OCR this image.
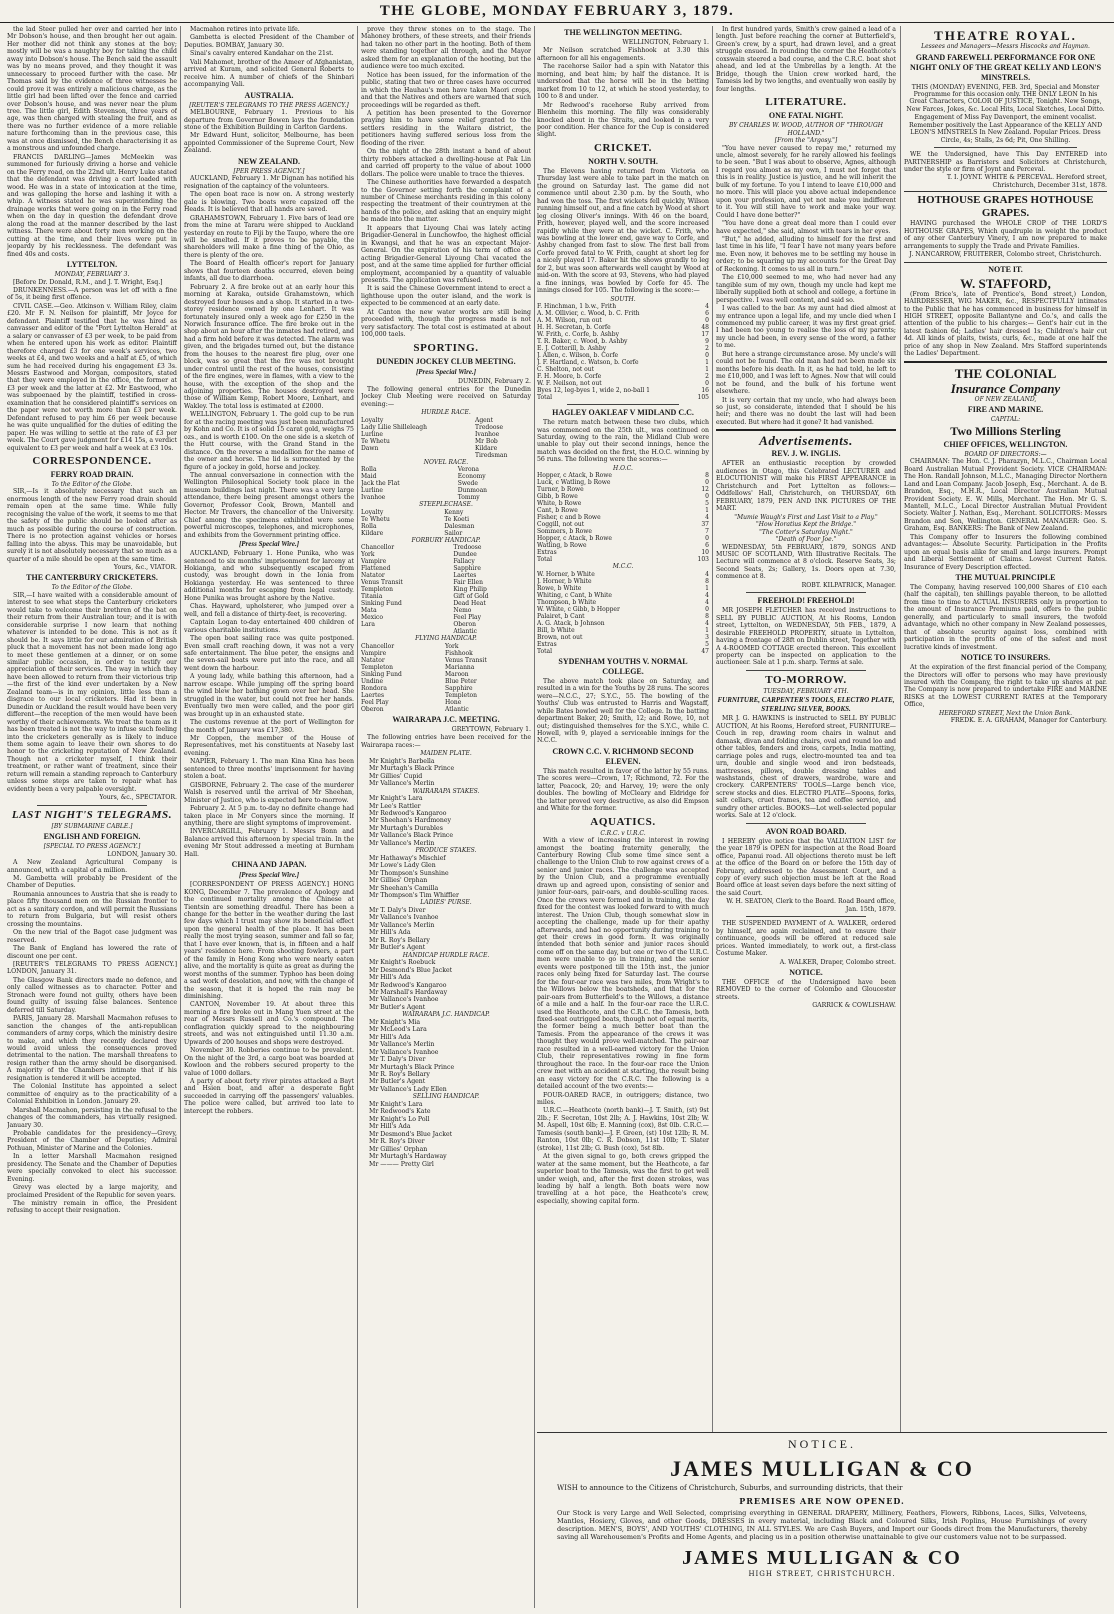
THE GLOBE, MONDAY FEBRUARY 3, 1879.

the lad Steer pulled her over and carried her into Mr Dobson's house, and then brought her out again. Her mother did not think any stones at the boy; mostly will be was a naughty boy for taking the child away into Dobson's house. The Bench said the assault was by no means proved, and they thought it was unnecessary to proceed further with the case. Mr Thomas said by the evidence of three witnesses he could prove it was entirely a malicious charge, as the little girl had been lifted over the fence and carried over Dobson's house, and was never near the plum tree. The little girl, Edith Stevenson, three years of age, was then charged with stealing the fruit, and as there was no further evidence of a more reliable nature forthcoming than in the previous case, this was at once dismissed, the Bench characterising it as a monstrous and unfounded charge.

FRANCIS DARLING—James McMeekin was summoned for furiously driving a horse and vehicle on the Ferry road, on the 22nd ult. Henry Luke stated that the defendant was driving a cart loaded with wood. He was in a state of intoxication at the time, and was galloping the horse and lashing it with a whip. A witness stated he was superintending the drainage works that were going on in the Ferry road when on the day in question the defendant drove along the road at the manner described by the last witness. There were about forty men working on the cutting at the time, and their lives were put in jeopardy by his recklessness. The defendant was fined 40s and costs.

LYTTELTON.
MONDAY, FEBRUARY 3.

[Before Dr. Donald, R.M., and J. T. Wright, Esq.]

DRUNKENNESS.—A person was let off with a fine of 5s, it being first offence.

CIVIL CASE.—Geo. Atkinson v. William Riley, claim £20. Mr F. N. Neilson for plaintiff, Mr Joyce for defendant. Plaintiff testified that he was hired as canvasser and editor of the "Port Lyttelton Herald" at a salary or canvasser of £3 per week, to be paid from when he entered upon his work as editor. Plaintiff therefore charged £3 for one week's services, two weeks at £4, and two weeks and a half at £5, of which sum he had received during his engagement £3 3s. Messrs Eastwood and Morgan, compositors, stated that they were employed in the office, the former at £3 per week and the latter at £2. Mr Eastwood, who was subpoenaed by the plaintiff, testified in cross-examination that he considered plaintiff's services on the paper were not worth more than £3 per week. Defendant refused to pay him £6 per week because he was quite unqualified for the duties of editing the paper. He was willing to settle at the rate of £3 per week. The Court gave judgment for £14 15s, a verdict equivalent to £3 per week and half a week at £3 10s.

CORRESPONDENCE.
FERRY ROAD DRAIN.
To the Editor of the Globe.

SIR,—Is it absolutely necessary that such an enormous length of the new Ferry road drain should remain open at the same time. While fully recognising the value of the work, it seems to me that the safety of the public should be looked after as much as possible during the course of construction. There is no protection against vehicles or horses falling into the abyss. This may be unavoidable, but surely it is not absolutely necessary that so much as a quarter of a mile should be open at the same time.

Yours, &c., VIATOR.

THE CANTERBURY CRICKETERS.
To the Editor of the Globe.

SIR,—I have waited with a considerable amount of interest to see what steps the Canterbury cricketers would take to welcome their brethren of the bat on their return from their Australian tour; and it is with considerable surprise I now learn that nothing whatever is intended to be done. This is not as it should be. It says little for our admiration of British pluck that a movement has not been made long ago to meet these gentlemen at a dinner, or on some similar public occasion, in order to testify our appreciation of their services. The way in which they have been allowed to return from their victorious trip—the first of the kind ever undertaken by a New Zealand team—is in my opinion, little less than a disgrace to our local cricketers. Had it been in Dunedin or Auckland the result would have been very different—the reception of the men would have been worthy of their achievements. We treat the team as it has been treated is not the way to infuse such feeling into the cricketers generally as is likely to induce them some again to leave their own shores to do honor to the cricketing reputation of New Zealand. Though not a cricketer myself, I think their treatment, or rather want of treatment, since their return will remain a standing reproach to Canterbury unless some steps are taken to repair what has evidently been a very palpable oversight.

Yours, &c., SPECTATOR.

LAST NIGHT'S TELEGRAMS.
[BY SUBMARINE CABLE.]
ENGLISH AND FOREIGN.
[SPECIAL TO PRESS AGENCY.]

LONDON, January 30.

A New Zealand Agricultural Company is announced, with a capital of a million.

M. Gambetta will probably be President of the Chamber of Deputies.

Roumania announces to Austria that she is ready to place fifty thousand men on the Russian frontier to act as a sanitary cordon, and will permit the Russians to return from Bulgaria, but will resist others crossing the mountains.

On the new trial of the Bagot case judgment was reserved.

The Bank of England has lowered the rate of discount one per cent.

[REUTER'S TELEGRAMS TO PRESS AGENCY.] LONDON, January 31.

The Glasgow Bank directors made no defence, and only called witnesses as to character. Potter and Stronach were found not guilty, others have been found guilty of issuing false balances. Sentence deferred till Saturday.

PARIS, January 28. Marshall Macmahon refuses to sanction the changes of the anti-republican commanders of army corps, which the ministry desire to make, and which they recently declared they would avoid unless the consequences proved detrimental to the nation. The marshall threatens to resign rather than the army should be disorganised. A majority of the Chambers intimate that if his resignation is tendered it will be accepted.

The Colonial Institute has appointed a select committee of enquiry as to the practicability of a Colonial Exhibition in London. January 29.

Marshall Macmahon, persisting in the refusal to the changes of the commanders, has virtually resigned. January 30.

Probable candidates for the presidency—Grevy, President of the Chamber of Deputies; Admiral Pothuan, Minister of Marine and the Colonies.

In a letter Marshall Macmahon resigned presidency. The Senate and the Chamber of Deputies were specially convoked to elect his successor. Evening.

Grevy was elected by a large majority, and proclaimed President of the Republic for seven years.

The ministry remain in office, the President refusing to accept their resignation.

Macmahon retires into private life.

Gambetta is elected President of the Chamber of Deputies. BOMBAY, January 30.

Sinai's cavalry entered Kandahar on the 21st.

Vali Mahomet, brother of the Ameer of Afghanistan, arrived at Kuram, and solicited General Roberts to receive him. A number of chiefs of the Shinbari accompanying Vali.

AUSTRALIA.
[REUTER'S TELEGRAMS TO THE PRESS AGENCY.]

MELBOURNE, February 1. Previous to his departure from Governor Bowen lays the foundation stone of the Exhibition Building in Carlton Gardens.

Mr Edward Hunt, solicitor, Melbourne, has been appointed Commissioner of the Supreme Court, New Zealand.

NEW ZEALAND.
[PER PRESS AGENCY.]

AUCKLAND, February 1. Mr Dignan has notified his resignation of the captaincy of the volunteers.

The open boat race is now on. A strong westerly gale is blowing. Two boats were capsized off the Heads. It is believed that all hands are saved.

GRAHAMSTOWN, February 1. Five bars of lead ore from the mine at Tararu were shipped to Auckland yesterday en route to Fiji by the Taupo, where the ore will be smelted. If it proves to be payable, the shareholders will make a fine thing of the Ohio, as there is plenty of the ore.

The Board of Health officer's report for January shows that fourteen deaths occurred, eleven being infants, all due to diarrhoea.

February 2. A fire broke out at an early hour this morning at Karaka, outside Grahamstown, which destroyed four houses and a shop. It started in a two-storey residence owned by one Lenhart. It was fortunately insured only a week ago for £250 in the Norwich Insurance office. The fire broke out in the shop about an hour after the inmates had retired, and had a firm hold before it was detected. The alarm was given, and the brigades turned out, but the distance from the houses to the nearest fire plug, over one block, was so great that the fire was not brought under control until the rest of the houses, consisting of the fire engines, were in flames, with a view to the house, with the exception of the shop and the adjoining properties. The houses destroyed were those of William Kemp, Robert Moore, Lenhart, and Wakley. The total loss is estimated at £2000.

WELLINGTON, February 1. The gold cup to be run for at the racing meeting was just been manufactured by Kohn and Co. It is of solid 15 carat gold, weighs 75 ozs., and is worth £100. On the one side is a sketch of the Hutt course, with the Grand Stand in the distance. On the reverse a medallion for the name of the owner and horse. The lid is surmounted by the figure of a jockey in gold, horse and jockey.

The annual conversazione in connection with the Wellington Philosophical Society took place in the museum buildings last night. There was a very large attendance, there being present amongst others the Governor, Professor Cook, Brown, Mantell and Hector. Mr Travers, the chancellor of the University. Chief among the specimens exhibited were some powerful microscopes, telephones, and microphones, and exhibits from the Government printing office.

[Press Special Wire.]

AUCKLAND, February 1. Hone Punika, who was sentenced to six months' imprisonment for larceny at Hokianga, and who subsequently escaped from custody, was brought down in the Ionia from Hokianga yesterday. He was sentenced to three additional months for escaping from legal custody. Hone Punika was brought ashore by the Native.

Chas. Hayward, upholsterer, who jumped over a well, and fell a distance of thirty-feet, is recovering.

Captain Logan to-day entertained 400 children of various charitable institutions.

The open boat sailing race was quite postponed. Even small craft reaching down, it was not a very safe entertainment. The blue peter, the ensigns and the seven-sail boats were put into the race, and all went down the harbour.

A young lady, while bathing this afternoon, had a narrow escape. While jumping off the spring board the wind blew her bathing gown over her head. She struggled in the water, but could not free her hands. Eventually two men were called, and the poor girl was brought up in an exhausted state.

The customs revenue at the port of Wellington for the month of January was £17,380.

Mr Coppen, the member of the House of Representatives, met his constituents at Naseby last evening.

NAPIER, February 1. The man Kina Kina has been sentenced to three months' imprisonment for having stolen a boat.

GISBORNE, February 2. The case of the murderer Walsh is reserved until the arrival of Mr Sheehan, Minister of Justice, who is expected here to-morrow.

February 2. At 5 p.m. to-day no definite change had taken place in Mr Conyers since the morning. If anything, there are slight symptoms of improvement.

INVERCARGILL, February 1. Messrs Bonn and Balance arrived this afternoon by special train. In the evening Mr Stout addressed a meeting at Burnham Hall.

CHINA AND JAPAN.
[Press Special Wire.]

[CORRESPONDENT OF PRESS AGENCY.] HONG KONG, December 7. The prevalence of Apology and the continued mortality among the Chinese at Tientsin are something dreadful. There has been a change for the better in the weather during the last few days which I trust may show its beneficial effect upon the general health of the place. It has been really the most trying season, summer and fall so far, that I have ever known, that is, in fifteen and a half years' residence here. From shooting fowlers, a part of the family in Hong Kong who were nearly eaten alive, and the mortality is quite as great as during the worst months of the summer. Typhoo has been doing a sad work of desolation, and now, with the change of the season, that it is hoped the rain may be diminishing.

CANTON, November 19. At about three this morning a fire broke out in Mang Yuen street at the rear of Messrs Russell and Co.'s compound. The conflagration quickly spread to the neighbouring streets, and was not extinguished until 11.30 a.m. Upwards of 200 houses and shops were destroyed.

November 30. Robberies continue to be prevalent. On the night of the 3rd, a cargo boat was boarded at Kowloon and the robbers secured property to the value of 1000 dollars.

A party of about forty river pirates attacked a Bayt and Hsien boat, and after a desperate fight succeeded in carrying off the passengers' valuables. The police were called, but arrived too late to intercept the robbers.

prove they threw stones on to the stage. The Mahoney brothers, of these streets, and their friends had taken no other part in the hooting. Both of them were standing together all through, and the Mayor asked them for an explanation of the hooting, but the audience were too much excited.

Notice has been issued, for the information of the public, stating that two or three cases have occurred in which the Hauhau's men have taken Maori crops, and that the Natives and others are warned that such proceedings will be regarded as theft.

A petition has been presented to the Governor praying him to have some relief granted to the settlers residing in the Waitara district, the petitioners having suffered serious loss from the flooding of the river.

On the night of the 28th instant a band of about thirty robbers attacked a dwelling-house at Pak Lin and carried off property to the value of about 1000 dollars. The police were unable to trace the thieves.

The Chinese authorities have forwarded a despatch to the Governor setting forth the complaint of a number of Chinese merchants residing in this colony respecting the treatment of their countrymen at the hands of the police, and asking that an enquiry might be made into the matter.

It appears that Liyoung Chai was lately acting Brigadier-General in Lunchowfoo, the highest official in Kwangsi, and that he was an expectant Major-General. On the expiration of his term of office as acting Brigadier-General Liyoung Chai vacated the post, and at the same time applied for further official employment, accompanied by a quantity of valuable presents. The application was refused.

It is said the Chinese Government intend to erect a lighthouse upon the outer island, and the work is expected to be commenced at an early date.

At Canton the new water works are still being proceeded with, though the progress made is not very satisfactory. The total cost is estimated at about 100,000 taels.

SPORTING.
DUNEDIN JOCKEY CLUB MEETING.
[Press Special Wire.]

DUNEDIN, February 2.

The following general entries for the Dunedin Jockey Club Meeting were received on Saturday evening:—

HURDLE RACE.
Loyalty	Agent
Lady Lilie Shilleleagh	Tredoose
Lurline	Ivanhoe
Te Whetu	Mr Bob
Dawn	Kildare
	Tiredsman
NOVEL RACE.
Rolla	Verona
Maid	Economy
Jack the Flat	Swede
Lurline	Dunmoan
Ivanhoe	Tommy
STEEPLECHASE.
Loyalty	Kenny
Te Whetu	Te Koeti
Rolla	Dalesman
Kildare	Sailor
FORBURY HANDICAP.
Chancellor	Tredoose
York	Dundee
Vampire	Fallacy
Flattened	Sapphire
Natator	Laertes
Venus Transit	Fair Ellen
Templeton	King Philip
Titania	Gift of Gold
Sinking Fund	Dead Heat
Mata	Nemo
Mexico	Feel Play
Lara	Oberon
	Atlantic
FLYING HANDICAP.
Chancellor	York
Vampire	Fishhook
Natator	Venus Transit
Templeton	Marianna
Sinking Fund	Maroon
Undine	Blue Peter
Rondora	Sapphire
Laertes	Templeton
Feel Play	Hone
Oberon	Atlantic
WAIRARAPA J.C. MEETING.

GREYTOWN, February 1.

The following entries have been received for the Wairarapa races:—

MAIDEN PLATE.
Mr Knight's Barbella
Mr Murtagh's Black Prince
Mr Gillies' Cupid
Mr Vallance's Merlin
WAIRARAPA STAKES.
Mr Knight's Lara
Mr Lee's Rattler
Mr Redwood's Kangaroo
Mr Sheehan's Hardmoney
Mr Murtagh's Durables
Mr Vallance's Black Prince
Mr Vallance's Merlin
PRODUCE STAKES.
Mr Hathaway's Mischief
Mr Lowe's Lady Glen
Mr Thompson's Sunshine
Mr Gillies' Orphan
Mr Sheehan's Camilla
Mr Thompson's Tim Whiffler
LADIES' PURSE.
Mr T. Daly's Diver
Mr Vallance's Ivanhoe
Mr Vallance's Merlin
Mr Hill's Ada
Mr R. Roy's Bellary
Mr Butler's Agent
HANDICAP HURDLE RACE.
Mr Knight's Roebuck
Mr Desmond's Blue Jacket
Mr Hill's Ada
Mr Redwood's Kangaroo
Mr Marshall's Hardaway
Mr Vallance's Ivanhoe
Mr Butler's Agent
WAIRARAPA J.C. HANDICAP.
Mr Knight's Mia
Mr McLeod's Lara
Mr Hill's Ada
Mr Vallance's Merlin
Mr Vallance's Ivanhoe
Mr T. Daly's Diver
Mr Murtagh's Black Prince
Mr R. Roy's Bellary
Mr Butler's Agent
Mr Vallance's Lady Ellen
SELLING HANDICAP.
Mr Knight's Lara
Mr Redwood's Kate
Mr Knight's Lo Poll
Mr Hill's Ada
Mr Desmond's Blue Jacket
Mr R. Roy's Diver
Mr Gillies' Orphan
Mr Murtagh's Hardaway
Mr ——— Pretty Girl
THE WELLINGTON MEETING.

WELLINGTON, February 1.

Mr Neilson scratched Fishhook at 3.30 this afternoon for all his engagements.

The racehorse Sailor had a spin with Natator this morning, and beat him; by half the distance. It is understood that the horse will be in the betting market from 10 to 12, at which he stood yesterday, to 100 to 8 and under.

Mr Redwood's racehorse Ruby arrived from Blenheim this morning. The filly was considerably knocked about in the Straits, and looked in a very poor condition. Her chance for the Cup is considered slight.

CRICKET.
NORTH V. SOUTH.

The Elevens having returned from Victoria on Thursday last were able to take part in the match on the ground on Saturday last. The game did not commence until about 2.30 p.m. by the South, who had won the toss. The first wickets fell quickly, Wilson running himself out, and a fine catch by Wood at short leg closing Oliver's innings. With 46 on the board, Frith, however, played well, and the score increased rapidly while they were at the wicket. C. Frith, who was bowling at the lower end, gave way to Corfe, and Ashby changed from fast to slow. The first ball from Corfe proved fatal to W. Frith, caught at short leg for a nicely played 17. Baker hit the shows grandly to leg for 2, but was soon afterwards well caught by Wood at mid-on. With the score at 93, Stevens, who had played a fine innings, was bowled by Corfe for 45. The innings closed for 105. The following is the score:—

SOUTH.
F. Hinchman, 1 b.w., Frith	4
A. M. Ollivier, c. Wood, b. C. Frith	6
A. M. Wilson, run out	0
H. H. Secretan, b. Corfe	48
W. Frith, c. Corfe, b. Ashby	17
T. R. Baker, c. Wood, b. Ashby	9
E. J. Cotterill, b. Ashby	2
J. Allen, c. Wilson, b. Corfe	0
J. F. Hartland, c. Watson, b. Corfe	1
C. Shelton, not out	1
F. H. Moore, b. Corfe	2
W. F. Neilson, not out	0
Byes 12, leg-byes 1, wide 2, no-ball 1	16
Total	105
HAGLEY OAKLEAF V MIDLAND C.C.

The return match between these two clubs, which was commenced on the 25th ult., was continued on Saturday, owing to the rain, the Midland Club were unable to play out their second innings, hence the match was decided on the first, the H.O.C. winning by 56 runs. The following were the scores:—

H.O.C.
Hopper, c Atack, b Rowe	8
Luck, c Watling, b Rowe	0
Turner, b Rowe	12
Gibb, b Rowe	0
White, b Rowe	5
Cant, b Rowe	1
Fisher, c and b Rowe	4
Coggill, not out	37
Sommers, b Rowe	7
Hopper, c Atack, b Rowe	0
Watling, b Rowe	6
Extras	10
Total	103
M.C.C.
W. Horner, b White	4
J. Horner, b White	8
Rowe, b White	1
Whiting, c Cant, b White	4
Thompson, b White	4
W. White, c Gibb, b Hopper	0
Palairet, b Cant	8
A. G. Atack, b Johnson	4
Bill, b White	1
Brown, not out	3
Extras	5
Total	47
SYDENHAM YOUTHS V. NORMAL COLLEGE.

The above match took place on Saturday, and resulted in a win for the Youths by 28 runs. The scores were—N.C.C., 27; S.Y.C., 55. The bowling of the Youths' Club was entrusted to Harris and Wagstaff, while Bates bowled well for the College. In the batting department Baker, 20; Smith, 12; and Rowe, 10, not out; distinguished themselves for the S.Y.C., while C. Howell, with 9, played a serviceable innings for the N.C.C.

CROWN C.C. V. RICHMOND SECOND ELEVEN.

This match resulted in favor of the latter by 55 runs. The scores were—Crown, 17; Richmond, 72. For the latter, Peacock, 20; and Harvey, 19; were the only doubles. The bowling of McCleary and Eldridge for the latter proved very destructive, as also did Empson and White for the former.

AQUATICS.
C.R.C. v U.R.C.

With a view of increasing the interest in rowing amongst the boating fraternity generally, the Canterbury Rowing Club some time since sent a challenge to the Union Club to row against crews of a senior and junior races. The challenge was accepted by the Union Club, and a programme eventually drawn up and agreed upon, consisting of senior and junior four-oars, pair-oars, and double-sculling races. Once the crews were formed and in training, the day fixed for the contest was looked forward to with much interest. The Union Club, though somewhat slow in accepting the challenge, made up for their apathy afterwards, and had no opportunity during training to get their crews in good form. It was originally intended that both senior and junior races should come off on the same day, but one or two of the U.R.C. men were unable to go in training, and the senior events were postponed till the 15th inst., the junior races only being fixed for Saturday last. The course for the four-oar race was two miles, from Wright's to the Willows below the boatsheds, and that for the pair-oars from Butterfield's to the Willows, a distance of a mile and a half. In the four-oar race the U.R.C. used the Heathcote, and the C.R.C. the Tamesis, both fixed-seat outrigged boats, though not of equal merits, the former being a much better boat than the Tamesis. From the appearance of the crews it was thought they would prove well-matched. The pair-oar race resulted in a well-earned victory for the Union Club, their representatives rowing in fine form throughout the race. In the four-oar race the Union crew met with an accident at starting, the result being an easy victory for the C.R.C. The following is a detailed account of the two events:—

FOUR-OARED RACE, in outriggers; distance, two miles.

U.R.C.—Heathcote (north bank)—J. T. Smith, (st) 9st 2lb.; F. Secretan, 10st 2lb; A. J. Hawkins, 10st 2lb; W. M. Aspell, 10st 6lb; E. Manning (cox), 8st 0lb. C.R.C.—Tamesis (south bank)—J. F. Green, (st) 10st 12lb; R. M. Ranton, 10st 0lb; C. R. Dobson, 11st 10lb; T. Slater (stroke), 11st 2lb; G. Bush (cox), 5st 8lb.

At the given signal to go, both crews gripped the water at the same moment, but the Heathcote, a far superior boat to the Tamesis, was the first to get well under weigh, and, after the first dozen strokes, was leading by half a length. Both boats were now travelling at a hot pace, the Heathcote's crew, especially, showing capital form.

In first hundred yards, Smith's crew gained a lead of a length. Just before reaching the corner at Butterfield's, Green's crew, by a spurt, had drawn level, and a great struggle ensued. In rounding the corner the Heathcote's coxswain steered a bad course, and the C.R.C. boat shot ahead, and led at the Umbrellas by a length. At the Bridge, though the Union crew worked hard, the Tamesis led by two lengths, and eventually won easily by four lengths.

LITERATURE.
ONE FATAL NIGHT.
BY CHARLES W. WOOD, AUTHOR OF "THROUGH HOLLAND."
[From the "Argosy."]

"You have never caused to repay me," returned my uncle, almost severely, for he rarely allowed his feelings to be seen. "But I was about to observe, Agnes, although I regard you almost as my own, I must not forget that this is in reality. Justice is justice, and he will inherit the bulk of my fortune. To you I intend to leave £10,000 and no more. This will place you above actual independence upon your profession, and yet not make you indifferent to it. You will still have to work and make your way. Could I have done better?"

"You have done a great deal more than I could ever have expected," she said, almost with tears in her eyes.

"But," he added, alluding to himself for the first and last time in his life, "I fear I have not many years before me. Even now, it behoves me to be settling my house in order; to be squaring up my accounts for the Great Day of Reckoning. It comes to us all in turn."

The £10,000 seemed to me, who had never had any tangible sum of my own, though my uncle had kept me liberally supplied both at school and college, a fortune in perspective. I was well content, and said so.

I was called to the bar. As my aunt had died almost at my entrance upon a legal life, and my uncle died when I commenced my public career, it was my first great grief. I had been too young to realise the loss of my parents; my uncle had been, in every sense of the word, a father to me.

But here a strange circumstance arose. My uncle's will could not be found. The old man had not been made six months before his death. In it, as he had told, he left to me £10,000, and I was left to Agnes. Now that will could not be found, and the bulk of his fortune went elsewhere.

It is very certain that my uncle, who had always been so just, so considerate, intended that I should be his heir; and there was no doubt the last will had been executed. But where had it gone? It had vanished.

Advertisements.
REV. J. W. INGLIS.

AFTER an enthusiastic reception by crowded audiences in Otago, this Celebrated LECTURER and ELOCUTIONIST will make his FIRST APPEARANCE in Christchurch and Port Lyttelton as follows:— Oddfellows' Hall, Christchurch, on THURSDAY, 6th FEBRUARY, 1879, PEN AND INK PICTURES OF THE MART.

"Mumie Waugh's First and Last Visit to a Play."
"How Horatius Kept the Bridge."
"The Cotter's Saturday Night."
"Death of Poor Joe."

WEDNESDAY, 5th FEBRUARY, 1879, SONGS AND MUSIC OF SCOTLAND, With Illustrative Recitals. The Lecture will commence at 8 o'clock. Reserve Seats, 3s; Second Seats, 2s; Gallery, 1s. Doors open at 7.30, commence at 8.

ROBT. KILPATRICK, Manager.

FREEHOLD! FREEHOLD!

MR JOSEPH FLETCHER has received instructions to SELL BY PUBLIC AUCTION, At his Rooms, London street, Lyttelton, on WEDNESDAY, 5th FEB., 1879, A desirable FREEHOLD PROPERTY, situate in Lyttelton, having a frontage of 28ft on Dublin street, Together with A 4-ROOMED COTTAGE erected thereon. This excellent property can be inspected on application to the auctioneer. Sale at 1 p.m. sharp. Terms at sale.

TO-MORROW.
TUESDAY, FEBRUARY 4TH.
FURNITURE, CARPENTER'S TOOLS, ELECTRO PLATE, STERLING SILVER, BOOKS.

MR J. G. HAWKINS is instructed to SELL BY PUBLIC AUCTION, At his Rooms, Hereford street, FURNITURE—Couch in rep, drawing room chairs in walnut and damask, divan and folding chairs, oval and round loo and other tables, fenders and irons, carpets, India matting, carriage poles and rugs, electro-mounted tea and tea urn, double and single wood and iron bedsteads, mattresses, pillows, double dressing tables and washstands, chest of drawers, wardrobe, ware and crockery. CARPENTERS' TOOLS—Large bench vice, screw stocks and dies. ELECTRO PLATE—Spoons, forks, salt cellars, cruet frames, tea and coffee service, and sundry other articles. BOOKS—Lot well-selected popular works. Sale at 12 o'clock.

AVON ROAD BOARD.

I HEREBY give notice that the VALUATION LIST for the year 1879 is OPEN for inspection at the Road Board office, Papanui road. All objections thereto must be left at the office of the Board on or before the 15th day of February, addressed to the Assessment Court, and a copy of every such objection must be left at the Road Board office at least seven days before the next sitting of the said Court.

W. H. SEATON, Clerk to the Board. Road Board office, Jan. 15th, 1879.

THE SUSPENDED PAYMENT of A. WALKER, ordered by himself, are again reclaimed, and to ensure their continuance, goods will be offered at reduced sale prices. Wanted immediately, to work out, a first-class Costume Maker.

A. WALKER, Draper, Colombo street.

NOTICE.

THE OFFICE of the Undersigned have been REMOVED to the corner of Colombo and Gloucester streets.

GARRICK & COWLISHAW.

THEATRE ROYAL.
Lessees and Managers—Messrs Hiscocks and Hayman.
GRAND FAREWELL PERFORMANCE FOR ONE NIGHT ONLY OF THE GREAT KELLY AND LEON'S MINSTRELS.

THIS (MONDAY) EVENING, FEB. 3rd, Special and Monster Programme for this occasion only. THE ONLY LEON In his Great Characters, COLOR OF JUSTICE, Tonight. New Songs, New Farces, Jokes, &c. Local Hits, Local Sketches, Local Ditto.

Engagement of Miss Fay Davenport, the eminent vocalist. Remember positively the Last Appearance of the KELLY AND LEON'S MINSTRELS In New Zealand. Popular Prices. Dress Circle, 4s; Stalls, 2s 6d; Pit, One Shilling.

WE the Undersigned, have This Day ENTERED into PARTNERSHIP as Barristers and Solicitors at Christchurch, under the style or firm of Joynt and Perceval.

T. I. JOYNT. WHITE & PERCEVAL. Hereford street, Christchurch, December 31st, 1878.

HOTHOUSE GRAPES HOTHOUSE GRAPES.

HAVING purchased the WHOLE CROP of THE LORD'S HOTHOUSE GRAPES, Which quadruple in weight the product of any other Canterbury Vinery, I am now prepared to make arrangements to supply the Trade and Private Families.

J. NANCARROW, FRUITERER, Colombo street, Christchurch.

NOTE IT.
W. STAFFORD,

(From Brice's, late of Prentice's, Bond street,) London, HAIRDRESSER, WIG MAKER, &c., RESPECTFULLY intimates to the Public that he has commenced in business for himself in HIGH STREET, opposite Ballantyne and Co.'s, and calls the attention of the public to his charges:— Gent's hair cut in the latest fashion 6d; Ladies' hair dressed 1s; Children's hair cut 4d. All kinds of plaits, twists, curls, &c., made at one half the price of any shop in New Zealand. Mrs Stafford superintends the Ladies' Department.

THE COLONIAL
Insurance Company
OF NEW ZEALAND,
FIRE AND MARINE.
CAPITAL:
Two Millions Sterling
CHIEF OFFICES, WELLINGTON.
BOARD OF DIRECTORS:—

CHAIRMAN: The Hon. C. J. Pharazyn, M.L.C., Chairman Local Board Australian Mutual Provident Society. VICE CHAIRMAN: The Hon. Randall Johnson, M.L.C., Managing Director Northern Land and Loan Company. Jacob Joseph, Esq., Merchant. A. de B. Brandon, Esq., M.H.R., Local Director Australian Mutual Provident Society. E. W. Mills, Merchant. The Hon. Mr G. S. Mantell, M.L.C., Local Director Australian Mutual Provident Society. Walter J. Nathan, Esq., Merchant. SOLICITORS: Messrs Brandon and Son, Wellington. GENERAL MANAGER: Geo. S. Graham, Esq. BANKERS: The Bank of New Zealand.

This Company offer to Insurers the following combined advantages:— Absolute Security. Participation in the Profits upon an equal basis alike for small and large insurers. Prompt and Liberal Settlement of Claims. Lowest Current Rates. Insurance of Every Description effected.

THE MUTUAL PRINCIPLE

The Company, having reserved 100,000 Shares of £10 each (half the capital), ten shillings payable thereon, to be allotted from time to time to ACTUAL INSURERS only in proportion to the amount of Insurance Premiums paid, offers to the public generally, and particularly to small insurers, the twofold advantage, which no other company in New Zealand possesses, that of absolute security against loss, combined with participation in the profits of one of the safest and most lucrative kinds of investment.

NOTICE TO INSURERS.

At the expiration of the first financial period of the Company, the Directors will offer to persons who may have previously insured with the Company, the right to take up shares at par. The Company is now prepared to undertake FIRE and MARINE RISKS at the LOWEST CURRENT RATES at the Temporary Office,

HEREFORD STREET, Next the Union Bank.

FREDK. E. A. GRAHAM, Manager for Canterbury.

NOTICE.
JAMES MULLIGAN & CO
WISH to announce to the Citizens of Christchurch, Suburbs, and surrounding districts, that their
PREMISES ARE NOW OPENED.
Our Stock is very Large and Well Selected, comprising everything in GENERAL DRAPERY, Millinery, Feathers, Flowers, Ribbons, Laces, Silks, Velveteens, Mantles, Hosiery, Gloves, and other Goods, DRESSES in every material, including Black and Coloured Silks, Irish Poplins, House Furnishings of every description. MEN'S, BOYS', AND YOUTHS' CLOTHING, IN ALL STYLES. We are Cash Buyers, and Import our Goods direct from the Manufacturers, thereby saving all Warehousemen's Profits and Home Agents, and placing us in a position otherwise unattainable to give our customers value not to be surpassed.
JAMES MULLIGAN & CO
HIGH STREET, CHRISTCHURCH.
